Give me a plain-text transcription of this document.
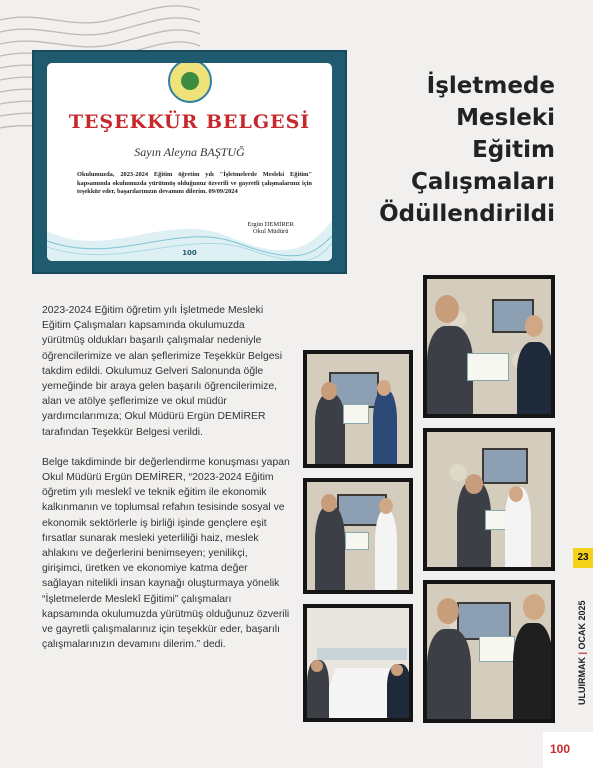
TEŞEKKÜR BELGESİ
Sayın Aleyna BAŞTUĞ
Okulumuzda, 2023-2024 Eğitim öğretim yılı "İşletmelerde Mesleki Eğitim" kapsamında okulumuzda yürütmüş olduğunuz özverili ve gayretli çalışmalarınız için teşekkür eder, başarılarınızın devamını dilerim. 09/09/2024
Ergün DEMİRER
Okul Müdürü
100
İşletmede
Mesleki
Eğitim
Çalışmaları
Ödüllendirildi

2023-2024 Eğitim öğretim yılı İşletmede Mesleki Eğitim Çalışmaları kapsamında okulumuzda yürütmüş oldukları başarılı çalışmalar nedeniyle öğrencilerimize ve alan şeflerimize Teşekkür Belgesi takdim edildi. Okulumuz Gelveri Salonunda öğle yemeğinde bir araya gelen başarılı öğrencilerimize, alan ve atölye şeflerimize ve okul müdür yardımcılarımıza; Okul Müdürü Ergün DEMİRER tarafından Teşekkür Belgesi verildi.

Belge takdiminde bir değerlendirme konuşması yapan Okul Müdürü Ergün DEMİRER, “2023-2024 Eğitim öğretim yılı meslekî ve teknik eğitim ile ekonomik kalkınmanın ve toplumsal refahın tesisinde sosyal ve ekonomik sektörlerle iş birliği işinde gençlere eşit fırsatlar sunarak mesleki yeterliliği haiz, meslek ahlakını ve değerlerini benimseyen; yenilikçi, girişimci, üretken ve ekonomiye katma değer sağlayan nitelikli insan kaynağı oluşturmaya yönelik “İşletmelerde Meslekî Eğitimi” çalışmaları kapsamında okulumuzda yürütmüş olduğunuz özverili ve gayretli çalışmalarınız için teşekkür eder, başarılı çalışmalarınızın devamını dilerim.” dedi.

23
ULUIRMAK | OCAK 2025
100
